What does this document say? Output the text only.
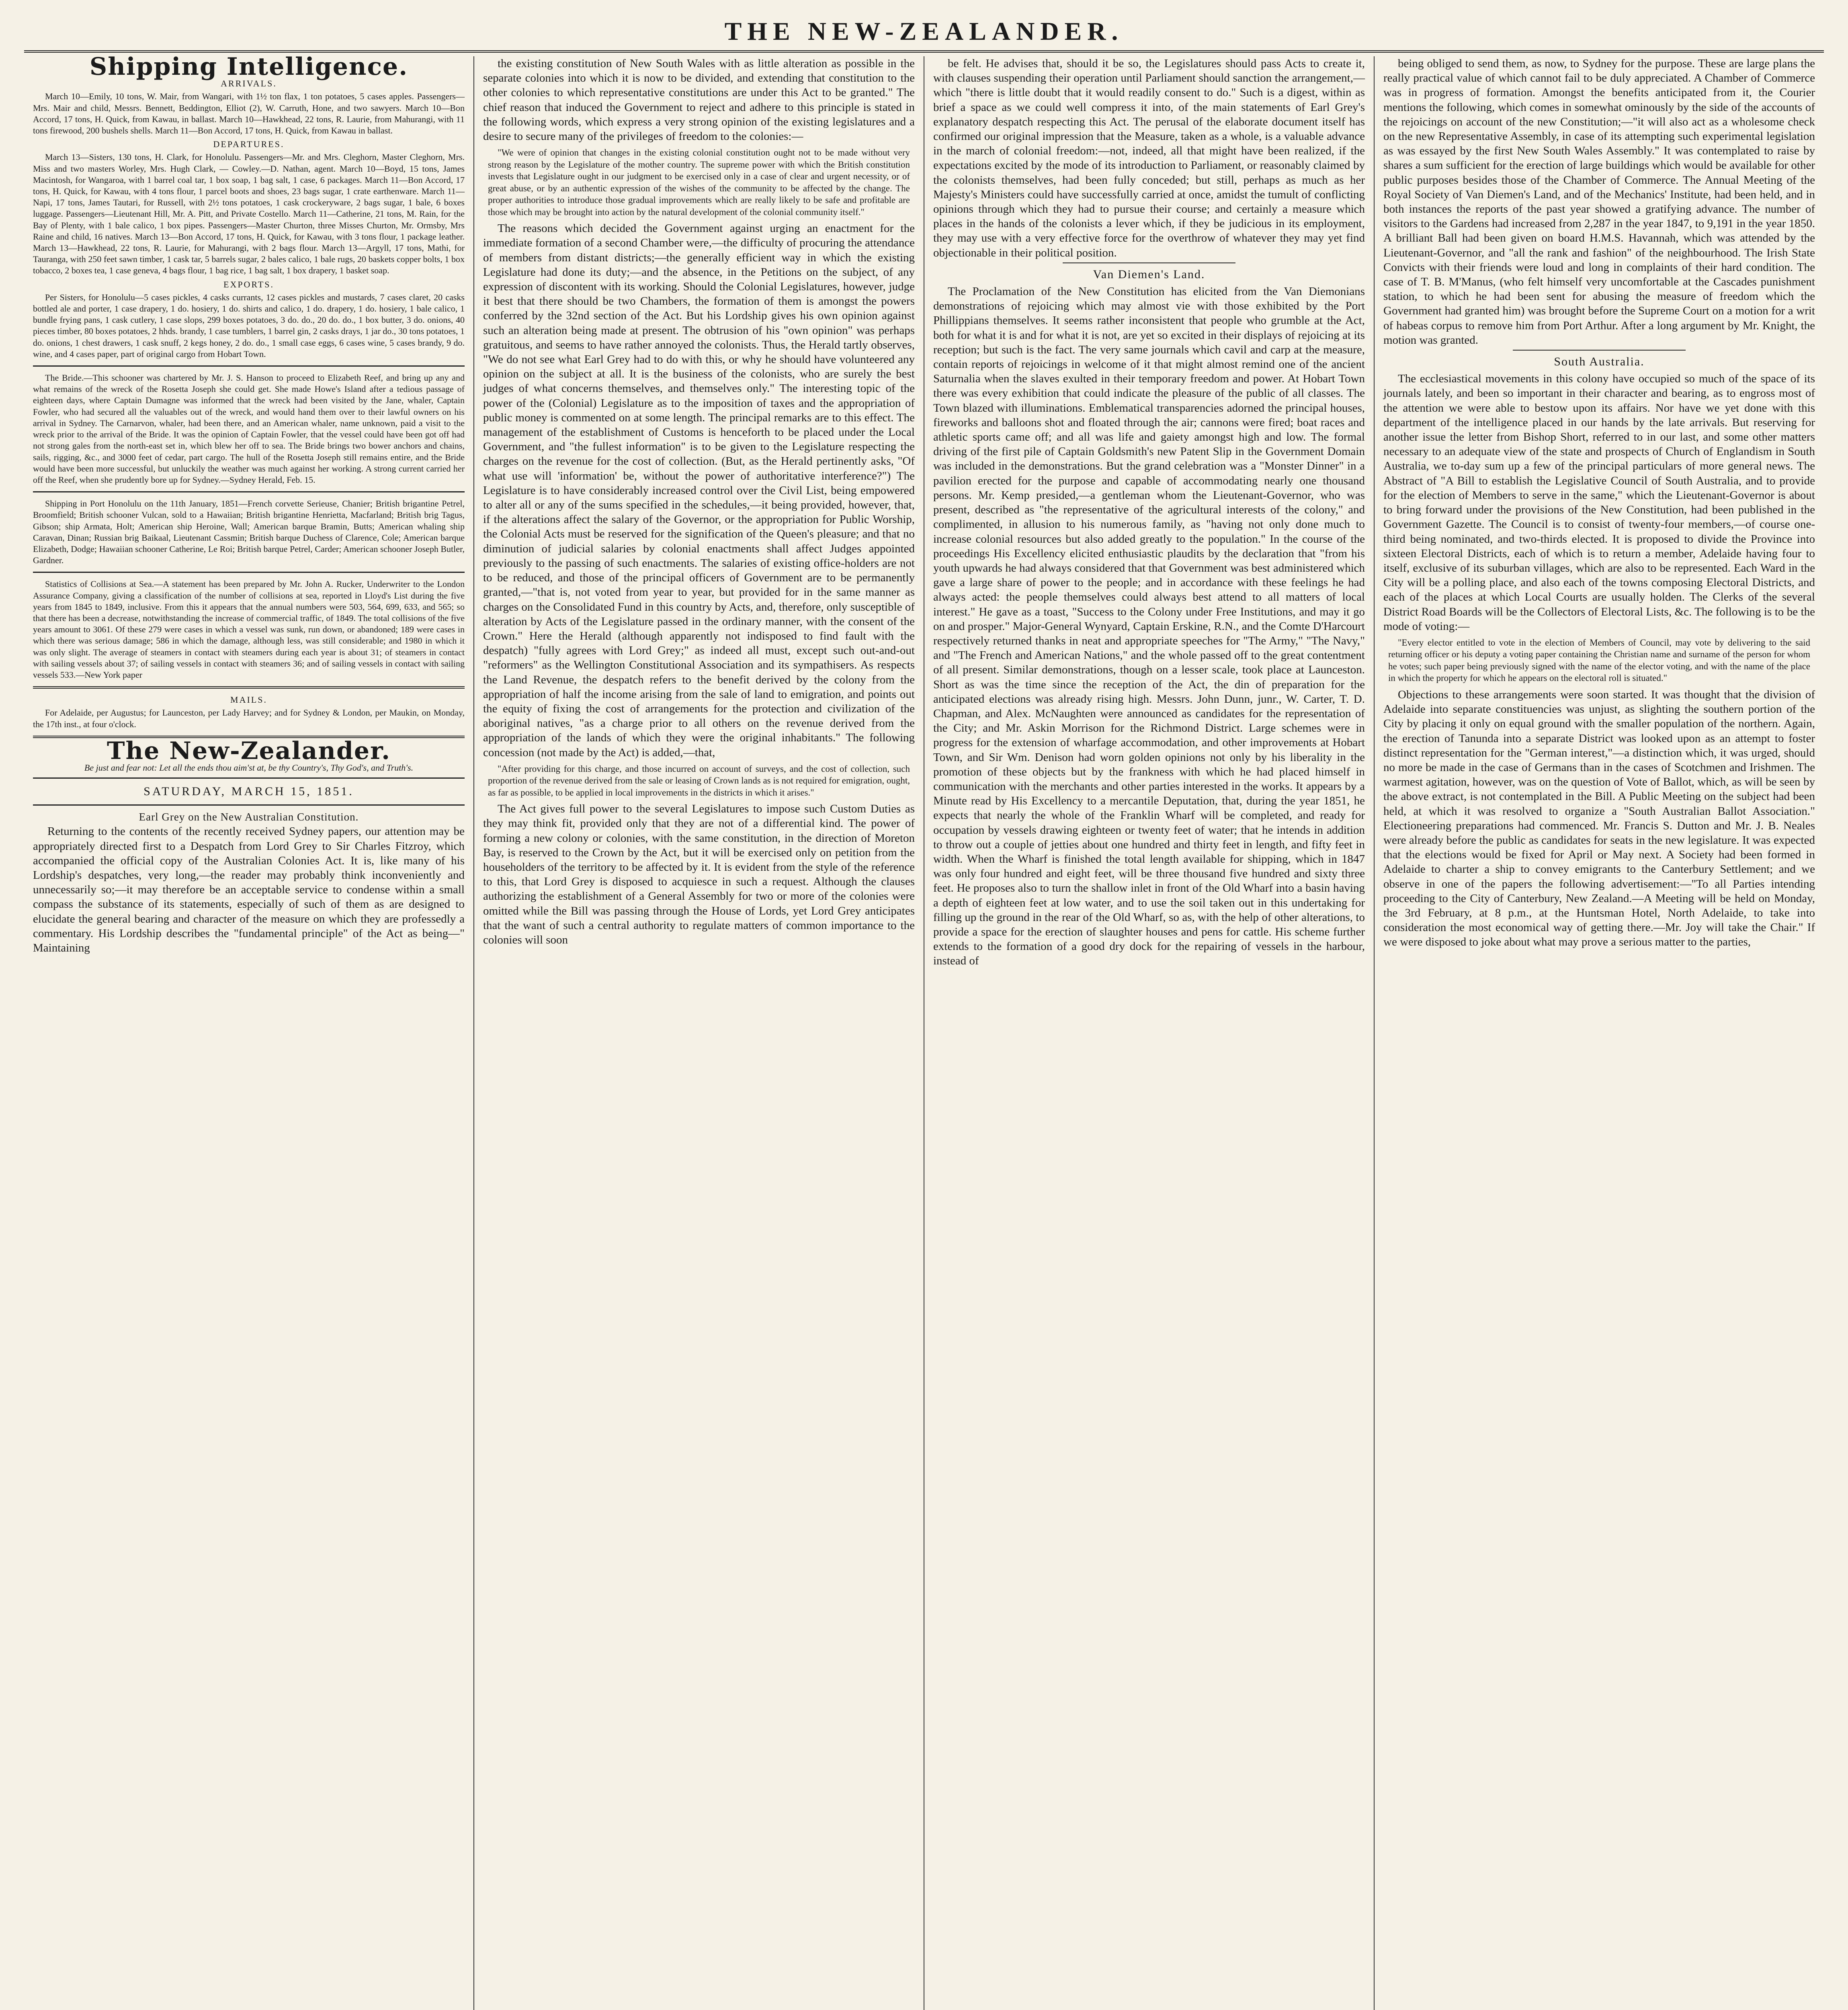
THE NEW-ZEALANDER.
Shipping Intelligence.
ARRIVALS.

March 10—Emily, 10 tons, W. Mair, from Wangari, with 1½ ton flax, 1 ton potatoes, 5 cases apples. Passengers—Mrs. Mair and child, Messrs. Bennett, Beddington, Elliot (2), W. Carruth, Hone, and two sawyers. March 10—Bon Accord, 17 tons, H. Quick, from Kawau, in ballast. March 10—Hawkhead, 22 tons, R. Laurie, from Mahurangi, with 11 tons firewood, 200 bushels shells. March 11—Bon Accord, 17 tons, H. Quick, from Kawau in ballast.

DEPARTURES.

March 13—Sisters, 130 tons, H. Clark, for Honolulu. Passengers—Mr. and Mrs. Cleghorn, Master Cleghorn, Mrs. Miss and two masters Worley, Mrs. Hugh Clark, — Cowley.—D. Nathan, agent. March 10—Boyd, 15 tons, James Macintosh, for Wangaroa, with 1 barrel coal tar, 1 box soap, 1 bag salt, 1 case, 6 packages. March 11—Bon Accord, 17 tons, H. Quick, for Kawau, with 4 tons flour, 1 parcel boots and shoes, 23 bags sugar, 1 crate earthenware. March 11—Napi, 17 tons, James Tautari, for Russell, with 2½ tons potatoes, 1 cask crockeryware, 2 bags sugar, 1 bale, 6 boxes luggage. Passengers—Lieutenant Hill, Mr. A. Pitt, and Private Costello. March 11—Catherine, 21 tons, M. Rain, for the Bay of Plenty, with 1 bale calico, 1 box pipes. Passengers—Master Churton, three Misses Churton, Mr. Ormsby, Mrs Raine and child, 16 natives. March 13—Bon Accord, 17 tons, H. Quick, for Kawau, with 3 tons flour, 1 package leather. March 13—Hawkhead, 22 tons, R. Laurie, for Mahurangi, with 2 bags flour. March 13—Argyll, 17 tons, Mathi, for Tauranga, with 250 feet sawn timber, 1 cask tar, 5 barrels sugar, 2 bales calico, 1 bale rugs, 20 baskets copper bolts, 1 box tobacco, 2 boxes tea, 1 case geneva, 4 bags flour, 1 bag rice, 1 bag salt, 1 box drapery, 1 basket soap.

EXPORTS.

Per Sisters, for Honolulu—5 cases pickles, 4 casks currants, 12 cases pickles and mustards, 7 cases claret, 20 casks bottled ale and porter, 1 case drapery, 1 do. hosiery, 1 do. shirts and calico, 1 do. drapery, 1 do. hosiery, 1 bale calico, 1 bundle frying pans, 1 cask cutlery, 1 case slops, 299 boxes potatoes, 3 do. do., 20 do. do., 1 box butter, 3 do. onions, 40 pieces timber, 80 boxes potatoes, 2 hhds. brandy, 1 case tumblers, 1 barrel gin, 2 casks drays, 1 jar do., 30 tons potatoes, 1 do. onions, 1 chest drawers, 1 cask snuff, 2 kegs honey, 2 do. do., 1 small case eggs, 6 cases wine, 5 cases brandy, 9 do. wine, and 4 cases paper, part of original cargo from Hobart Town.

The Bride.—This schooner was chartered by Mr. J. S. Hanson to proceed to Elizabeth Reef, and bring up any and what remains of the wreck of the Rosetta Joseph she could get. She made Howe's Island after a tedious passage of eighteen days, where Captain Dumagne was informed that the wreck had been visited by the Jane, whaler, Captain Fowler, who had secured all the valuables out of the wreck, and would hand them over to their lawful owners on his arrival in Sydney. The Carnarvon, whaler, had been there, and an American whaler, name unknown, paid a visit to the wreck prior to the arrival of the Bride. It was the opinion of Captain Fowler, that the vessel could have been got off had not strong gales from the north-east set in, which blew her off to sea. The Bride brings two bower anchors and chains, sails, rigging, &c., and 3000 feet of cedar, part cargo. The hull of the Rosetta Joseph still remains entire, and the Bride would have been more successful, but unluckily the weather was much against her working. A strong current carried her off the Reef, when she prudently bore up for Sydney.—Sydney Herald, Feb. 15.

Shipping in Port Honolulu on the 11th January, 1851—French corvette Serieuse, Chanier; British brigantine Petrel, Broomfield; British schooner Vulcan, sold to a Hawaiian; British brigantine Henrietta, Macfarland; British brig Tagus, Gibson; ship Armata, Holt; American ship Heroine, Wall; American barque Bramin, Butts; American whaling ship Caravan, Dinan; Russian brig Baikaal, Lieutenant Cassmin; British barque Duchess of Clarence, Cole; American barque Elizabeth, Dodge; Hawaiian schooner Catherine, Le Roi; British barque Petrel, Carder; American schooner Joseph Butler, Gardner.

Statistics of Collisions at Sea.—A statement has been prepared by Mr. John A. Rucker, Underwriter to the London Assurance Company, giving a classification of the number of collisions at sea, reported in Lloyd's List during the five years from 1845 to 1849, inclusive. From this it appears that the annual numbers were 503, 564, 699, 633, and 565; so that there has been a decrease, notwithstanding the increase of commercial traffic, of 1849. The total collisions of the five years amount to 3061. Of these 279 were cases in which a vessel was sunk, run down, or abandoned; 189 were cases in which there was serious damage; 586 in which the damage, although less, was still considerable; and 1980 in which it was only slight. The average of steamers in contact with steamers during each year is about 31; of steamers in contact with sailing vessels about 37; of sailing vessels in contact with steamers 36; and of sailing vessels in contact with sailing vessels 533.—New York paper

MAILS.

For Adelaide, per Augustus; for Launceston, per Lady Harvey; and for Sydney & London, per Maukin, on Monday, the 17th inst., at four o'clock.

The New-Zealander.
Be just and fear not: Let all the ends thou aim'st at, be thy Country's, Thy God's, and Truth's.
SATURDAY, MARCH 15, 1851.

Earl Grey on the New Australian Constitution.

Returning to the contents of the recently received Sydney papers, our attention may be appropriately directed first to a Despatch from Lord Grey to Sir Charles Fitzroy, which accompanied the official copy of the Australian Colonies Act. It is, like many of his Lordship's despatches, very long,—the reader may probably think inconveniently and unnecessarily so;—it may therefore be an acceptable service to condense within a small compass the substance of its statements, especially of such of them as are designed to elucidate the general bearing and character of the measure on which they are professedly a commentary. His Lordship describes the "fundamental principle" of the Act as being—" Maintaining

the existing constitution of New South Wales with as little alteration as possible in the separate colonies into which it is now to be divided, and extending that constitution to the other colonies to which representative constitutions are under this Act to be granted." The chief reason that induced the Government to reject and adhere to this principle is stated in the following words, which express a very strong opinion of the existing legislatures and a desire to secure many of the privileges of freedom to the colonies:—

"We were of opinion that changes in the existing colonial constitution ought not to be made without very strong reason by the Legislature of the mother country. The supreme power with which the British constitution invests that Legislature ought in our judgment to be exercised only in a case of clear and urgent necessity, or of great abuse, or by an authentic expression of the wishes of the community to be affected by the change. The proper authorities to introduce those gradual improvements which are really likely to be safe and profitable are those which may be brought into action by the natural development of the colonial community itself."

The reasons which decided the Government against urging an enactment for the immediate formation of a second Chamber were,—the difficulty of procuring the attendance of members from distant districts;—the generally efficient way in which the existing Legislature had done its duty;—and the absence, in the Petitions on the subject, of any expression of discontent with its working. Should the Colonial Legislatures, however, judge it best that there should be two Chambers, the formation of them is amongst the powers conferred by the 32nd section of the Act. But his Lordship gives his own opinion against such an alteration being made at present. The obtrusion of his "own opinion" was perhaps gratuitous, and seems to have rather annoyed the colonists. Thus, the Herald tartly observes, "We do not see what Earl Grey had to do with this, or why he should have volunteered any opinion on the subject at all. It is the business of the colonists, who are surely the best judges of what concerns themselves, and themselves only." The interesting topic of the power of the (Colonial) Legislature as to the imposition of taxes and the appropriation of public money is commented on at some length. The principal remarks are to this effect. The management of the establishment of Customs is henceforth to be placed under the Local Government, and "the fullest information" is to be given to the Legislature respecting the charges on the revenue for the cost of collection. (But, as the Herald pertinently asks, "Of what use will 'information' be, without the power of authoritative interference?") The Legislature is to have considerably increased control over the Civil List, being empowered to alter all or any of the sums specified in the schedules,—it being provided, however, that, if the alterations affect the salary of the Governor, or the appropriation for Public Worship, the Colonial Acts must be reserved for the signification of the Queen's pleasure; and that no diminution of judicial salaries by colonial enactments shall affect Judges appointed previously to the passing of such enactments. The salaries of existing office-holders are not to be reduced, and those of the principal officers of Government are to be permanently granted,—"that is, not voted from year to year, but provided for in the same manner as charges on the Consolidated Fund in this country by Acts, and, therefore, only susceptible of alteration by Acts of the Legislature passed in the ordinary manner, with the consent of the Crown." Here the Herald (although apparently not indisposed to find fault with the despatch) "fully agrees with Lord Grey;" as indeed all must, except such out-and-out "reformers" as the Wellington Constitutional Association and its sympathisers. As respects the Land Revenue, the despatch refers to the benefit derived by the colony from the appropriation of half the income arising from the sale of land to emigration, and points out the equity of fixing the cost of arrangements for the protection and civilization of the aboriginal natives, "as a charge prior to all others on the revenue derived from the appropriation of the lands of which they were the original inhabitants." The following concession (not made by the Act) is added,—that,

"After providing for this charge, and those incurred on account of surveys, and the cost of collection, such proportion of the revenue derived from the sale or leasing of Crown lands as is not required for emigration, ought, as far as possible, to be applied in local improvements in the districts in which it arises."

The Act gives full power to the several Legislatures to impose such Custom Duties as they may think fit, provided only that they are not of a differential kind. The power of forming a new colony or colonies, with the same constitution, in the direction of Moreton Bay, is reserved to the Crown by the Act, but it will be exercised only on petition from the householders of the territory to be affected by it. It is evident from the style of the reference to this, that Lord Grey is disposed to acquiesce in such a request. Although the clauses authorizing the establishment of a General Assembly for two or more of the colonies were omitted while the Bill was passing through the House of Lords, yet Lord Grey anticipates that the want of such a central authority to regulate matters of common importance to the colonies will soon

be felt. He advises that, should it be so, the Legislatures should pass Acts to create it, with clauses suspending their operation until Parliament should sanction the arrangement,—which "there is little doubt that it would readily consent to do." Such is a digest, within as brief a space as we could well compress it into, of the main statements of Earl Grey's explanatory despatch respecting this Act. The perusal of the elaborate document itself has confirmed our original impression that the Measure, taken as a whole, is a valuable advance in the march of colonial freedom:—not, indeed, all that might have been realized, if the expectations excited by the mode of its introduction to Parliament, or reasonably claimed by the colonists themselves, had been fully conceded; but still, perhaps as much as her Majesty's Ministers could have successfully carried at once, amidst the tumult of conflicting opinions through which they had to pursue their course; and certainly a measure which places in the hands of the colonists a lever which, if they be judicious in its employment, they may use with a very effective force for the overthrow of whatever they may yet find objectionable in their political position.

Van Diemen's Land.

The Proclamation of the New Constitution has elicited from the Van Diemonians demonstrations of rejoicing which may almost vie with those exhibited by the Port Phillippians themselves. It seems rather inconsistent that people who grumble at the Act, both for what it is and for what it is not, are yet so excited in their displays of rejoicing at its reception; but such is the fact. The very same journals which cavil and carp at the measure, contain reports of rejoicings in welcome of it that might almost remind one of the ancient Saturnalia when the slaves exulted in their temporary freedom and power. At Hobart Town there was every exhibition that could indicate the pleasure of the public of all classes. The Town blazed with illuminations. Emblematical transparencies adorned the principal houses, fireworks and balloons shot and floated through the air; cannons were fired; boat races and athletic sports came off; and all was life and gaiety amongst high and low. The formal driving of the first pile of Captain Goldsmith's new Patent Slip in the Government Domain was included in the demonstrations. But the grand celebration was a "Monster Dinner" in a pavilion erected for the purpose and capable of accommodating nearly one thousand persons. Mr. Kemp presided,—a gentleman whom the Lieutenant-Governor, who was present, described as "the representative of the agricultural interests of the colony," and complimented, in allusion to his numerous family, as "having not only done much to increase colonial resources but also added greatly to the population." In the course of the proceedings His Excellency elicited enthusiastic plaudits by the declaration that "from his youth upwards he had always considered that that Government was best administered which gave a large share of power to the people; and in accordance with these feelings he had always acted: the people themselves could always best attend to all matters of local interest." He gave as a toast, "Success to the Colony under Free Institutions, and may it go on and prosper." Major-General Wynyard, Captain Erskine, R.N., and the Comte D'Harcourt respectively returned thanks in neat and appropriate speeches for "The Army," "The Navy," and "The French and American Nations," and the whole passed off to the great contentment of all present. Similar demonstrations, though on a lesser scale, took place at Launceston. Short as was the time since the reception of the Act, the din of preparation for the anticipated elections was already rising high. Messrs. John Dunn, junr., W. Carter, T. D. Chapman, and Alex. McNaughten were announced as candidates for the representation of the City; and Mr. Askin Morrison for the Richmond District. Large schemes were in progress for the extension of wharfage accommodation, and other improvements at Hobart Town, and Sir Wm. Denison had worn golden opinions not only by his liberality in the promotion of these objects but by the frankness with which he had placed himself in communication with the merchants and other parties interested in the works. It appears by a Minute read by His Excellency to a mercantile Deputation, that, during the year 1851, he expects that nearly the whole of the Franklin Wharf will be completed, and ready for occupation by vessels drawing eighteen or twenty feet of water; that he intends in addition to throw out a couple of jetties about one hundred and thirty feet in length, and fifty feet in width. When the Wharf is finished the total length available for shipping, which in 1847 was only four hundred and eight feet, will be three thousand five hundred and sixty three feet. He proposes also to turn the shallow inlet in front of the Old Wharf into a basin having a depth of eighteen feet at low water, and to use the soil taken out in this undertaking for filling up the ground in the rear of the Old Wharf, so as, with the help of other alterations, to provide a space for the erection of slaughter houses and pens for cattle. His scheme further extends to the formation of a good dry dock for the repairing of vessels in the harbour, instead of

being obliged to send them, as now, to Sydney for the purpose. These are large plans the really practical value of which cannot fail to be duly appreciated. A Chamber of Commerce was in progress of formation. Amongst the benefits anticipated from it, the Courier mentions the following, which comes in somewhat ominously by the side of the accounts of the rejoicings on account of the new Constitution;—"it will also act as a wholesome check on the new Representative Assembly, in case of its attempting such experimental legislation as was essayed by the first New South Wales Assembly." It was contemplated to raise by shares a sum sufficient for the erection of large buildings which would be available for other public purposes besides those of the Chamber of Commerce. The Annual Meeting of the Royal Society of Van Diemen's Land, and of the Mechanics' Institute, had been held, and in both instances the reports of the past year showed a gratifying advance. The number of visitors to the Gardens had increased from 2,287 in the year 1847, to 9,191 in the year 1850. A brilliant Ball had been given on board H.M.S. Havannah, which was attended by the Lieutenant-Governor, and "all the rank and fashion" of the neighbourhood. The Irish State Convicts with their friends were loud and long in complaints of their hard condition. The case of T. B. M'Manus, (who felt himself very uncomfortable at the Cascades punishment station, to which he had been sent for abusing the measure of freedom which the Government had granted him) was brought before the Supreme Court on a motion for a writ of habeas corpus to remove him from Port Arthur. After a long argument by Mr. Knight, the motion was granted.

South Australia.

The ecclesiastical movements in this colony have occupied so much of the space of its journals lately, and been so important in their character and bearing, as to engross most of the attention we were able to bestow upon its affairs. Nor have we yet done with this department of the intelligence placed in our hands by the late arrivals. But reserving for another issue the letter from Bishop Short, referred to in our last, and some other matters necessary to an adequate view of the state and prospects of Church of Englandism in South Australia, we to-day sum up a few of the principal particulars of more general news. The Abstract of "A Bill to establish the Legislative Council of South Australia, and to provide for the election of Members to serve in the same," which the Lieutenant-Governor is about to bring forward under the provisions of the New Constitution, had been published in the Government Gazette. The Council is to consist of twenty-four members,—of course one-third being nominated, and two-thirds elected. It is proposed to divide the Province into sixteen Electoral Districts, each of which is to return a member, Adelaide having four to itself, exclusive of its suburban villages, which are also to be represented. Each Ward in the City will be a polling place, and also each of the towns composing Electoral Districts, and each of the places at which Local Courts are usually holden. The Clerks of the several District Road Boards will be the Collectors of Electoral Lists, &c. The following is to be the mode of voting:—

"Every elector entitled to vote in the election of Members of Council, may vote by delivering to the said returning officer or his deputy a voting paper containing the Christian name and surname of the person for whom he votes; such paper being previously signed with the name of the elector voting, and with the name of the place in which the property for which he appears on the electoral roll is situated."

Objections to these arrangements were soon started. It was thought that the division of Adelaide into separate constituencies was unjust, as slighting the southern portion of the City by placing it only on equal ground with the smaller population of the northern. Again, the erection of Tanunda into a separate District was looked upon as an attempt to foster distinct representation for the "German interest,"—a distinction which, it was urged, should no more be made in the case of Germans than in the cases of Scotchmen and Irishmen. The warmest agitation, however, was on the question of Vote of Ballot, which, as will be seen by the above extract, is not contemplated in the Bill. A Public Meeting on the subject had been held, at which it was resolved to organize a "South Australian Ballot Association." Electioneering preparations had commenced. Mr. Francis S. Dutton and Mr. J. B. Neales were already before the public as candidates for seats in the new legislature. It was expected that the elections would be fixed for April or May next. A Society had been formed in Adelaide to charter a ship to convey emigrants to the Canterbury Settlement; and we observe in one of the papers the following advertisement:—"To all Parties intending proceeding to the City of Canterbury, New Zealand.—A Meeting will be held on Monday, the 3rd February, at 8 p.m., at the Huntsman Hotel, North Adelaide, to take into consideration the most economical way of getting there.—Mr. Joy will take the Chair." If we were disposed to joke about what may prove a serious matter to the parties,
